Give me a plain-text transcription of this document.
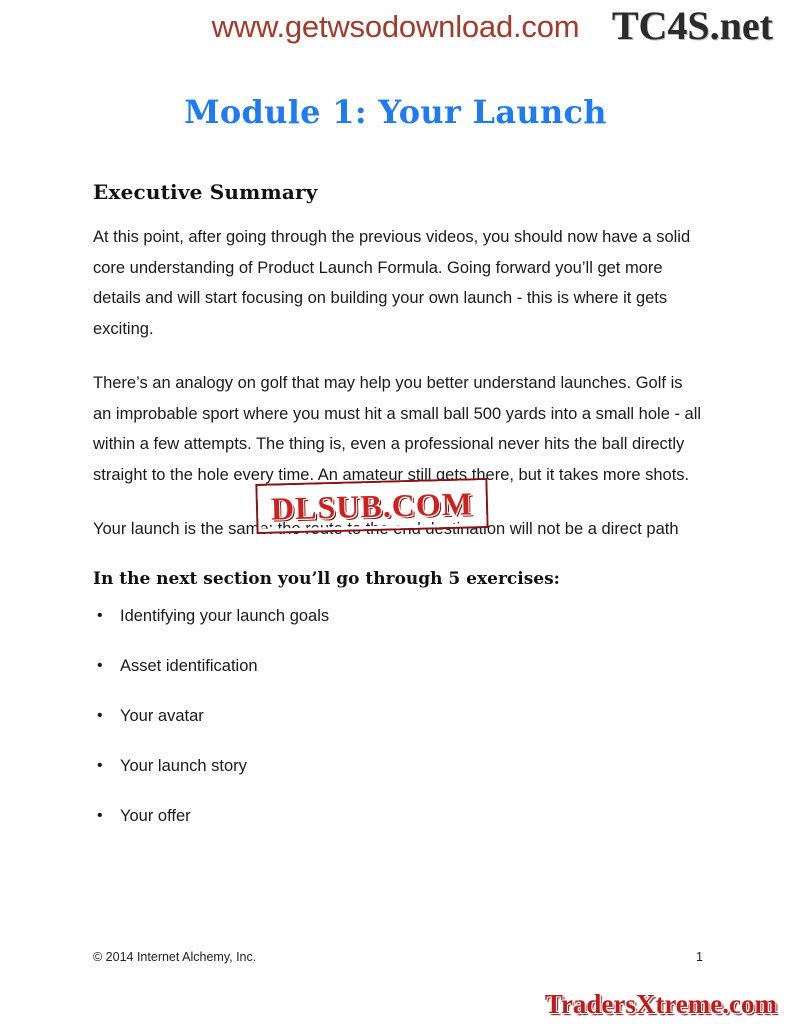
Module 1: Your Launch
Executive Summary

At this point, after going through the previous videos, you should now have a solid core understanding of Product Launch Formula. Going forward you’ll get more details and will start focusing on building your own launch - this is where it gets exciting.

There’s an analogy on golf that may help you better understand launches. Golf is an improbable sport where you must hit a small ball 500 yards into a small hole - all within a few attempts. The thing is, even a professional never hits the ball directly straight to the hole every time. An amateur still gets there, but it takes more shots.

Your launch is the same: the route to the end destination will not be a direct path

In the next section you’ll go through 5 exercises:
• Identifying your launch goals
• Asset identification
• Your avatar
• Your launch story
• Your offer
© 2014 Internet Alchemy, Inc.	1
www.getwsodownload.com TC4S.net
DLSUB.COM
TradersXtreme.com
